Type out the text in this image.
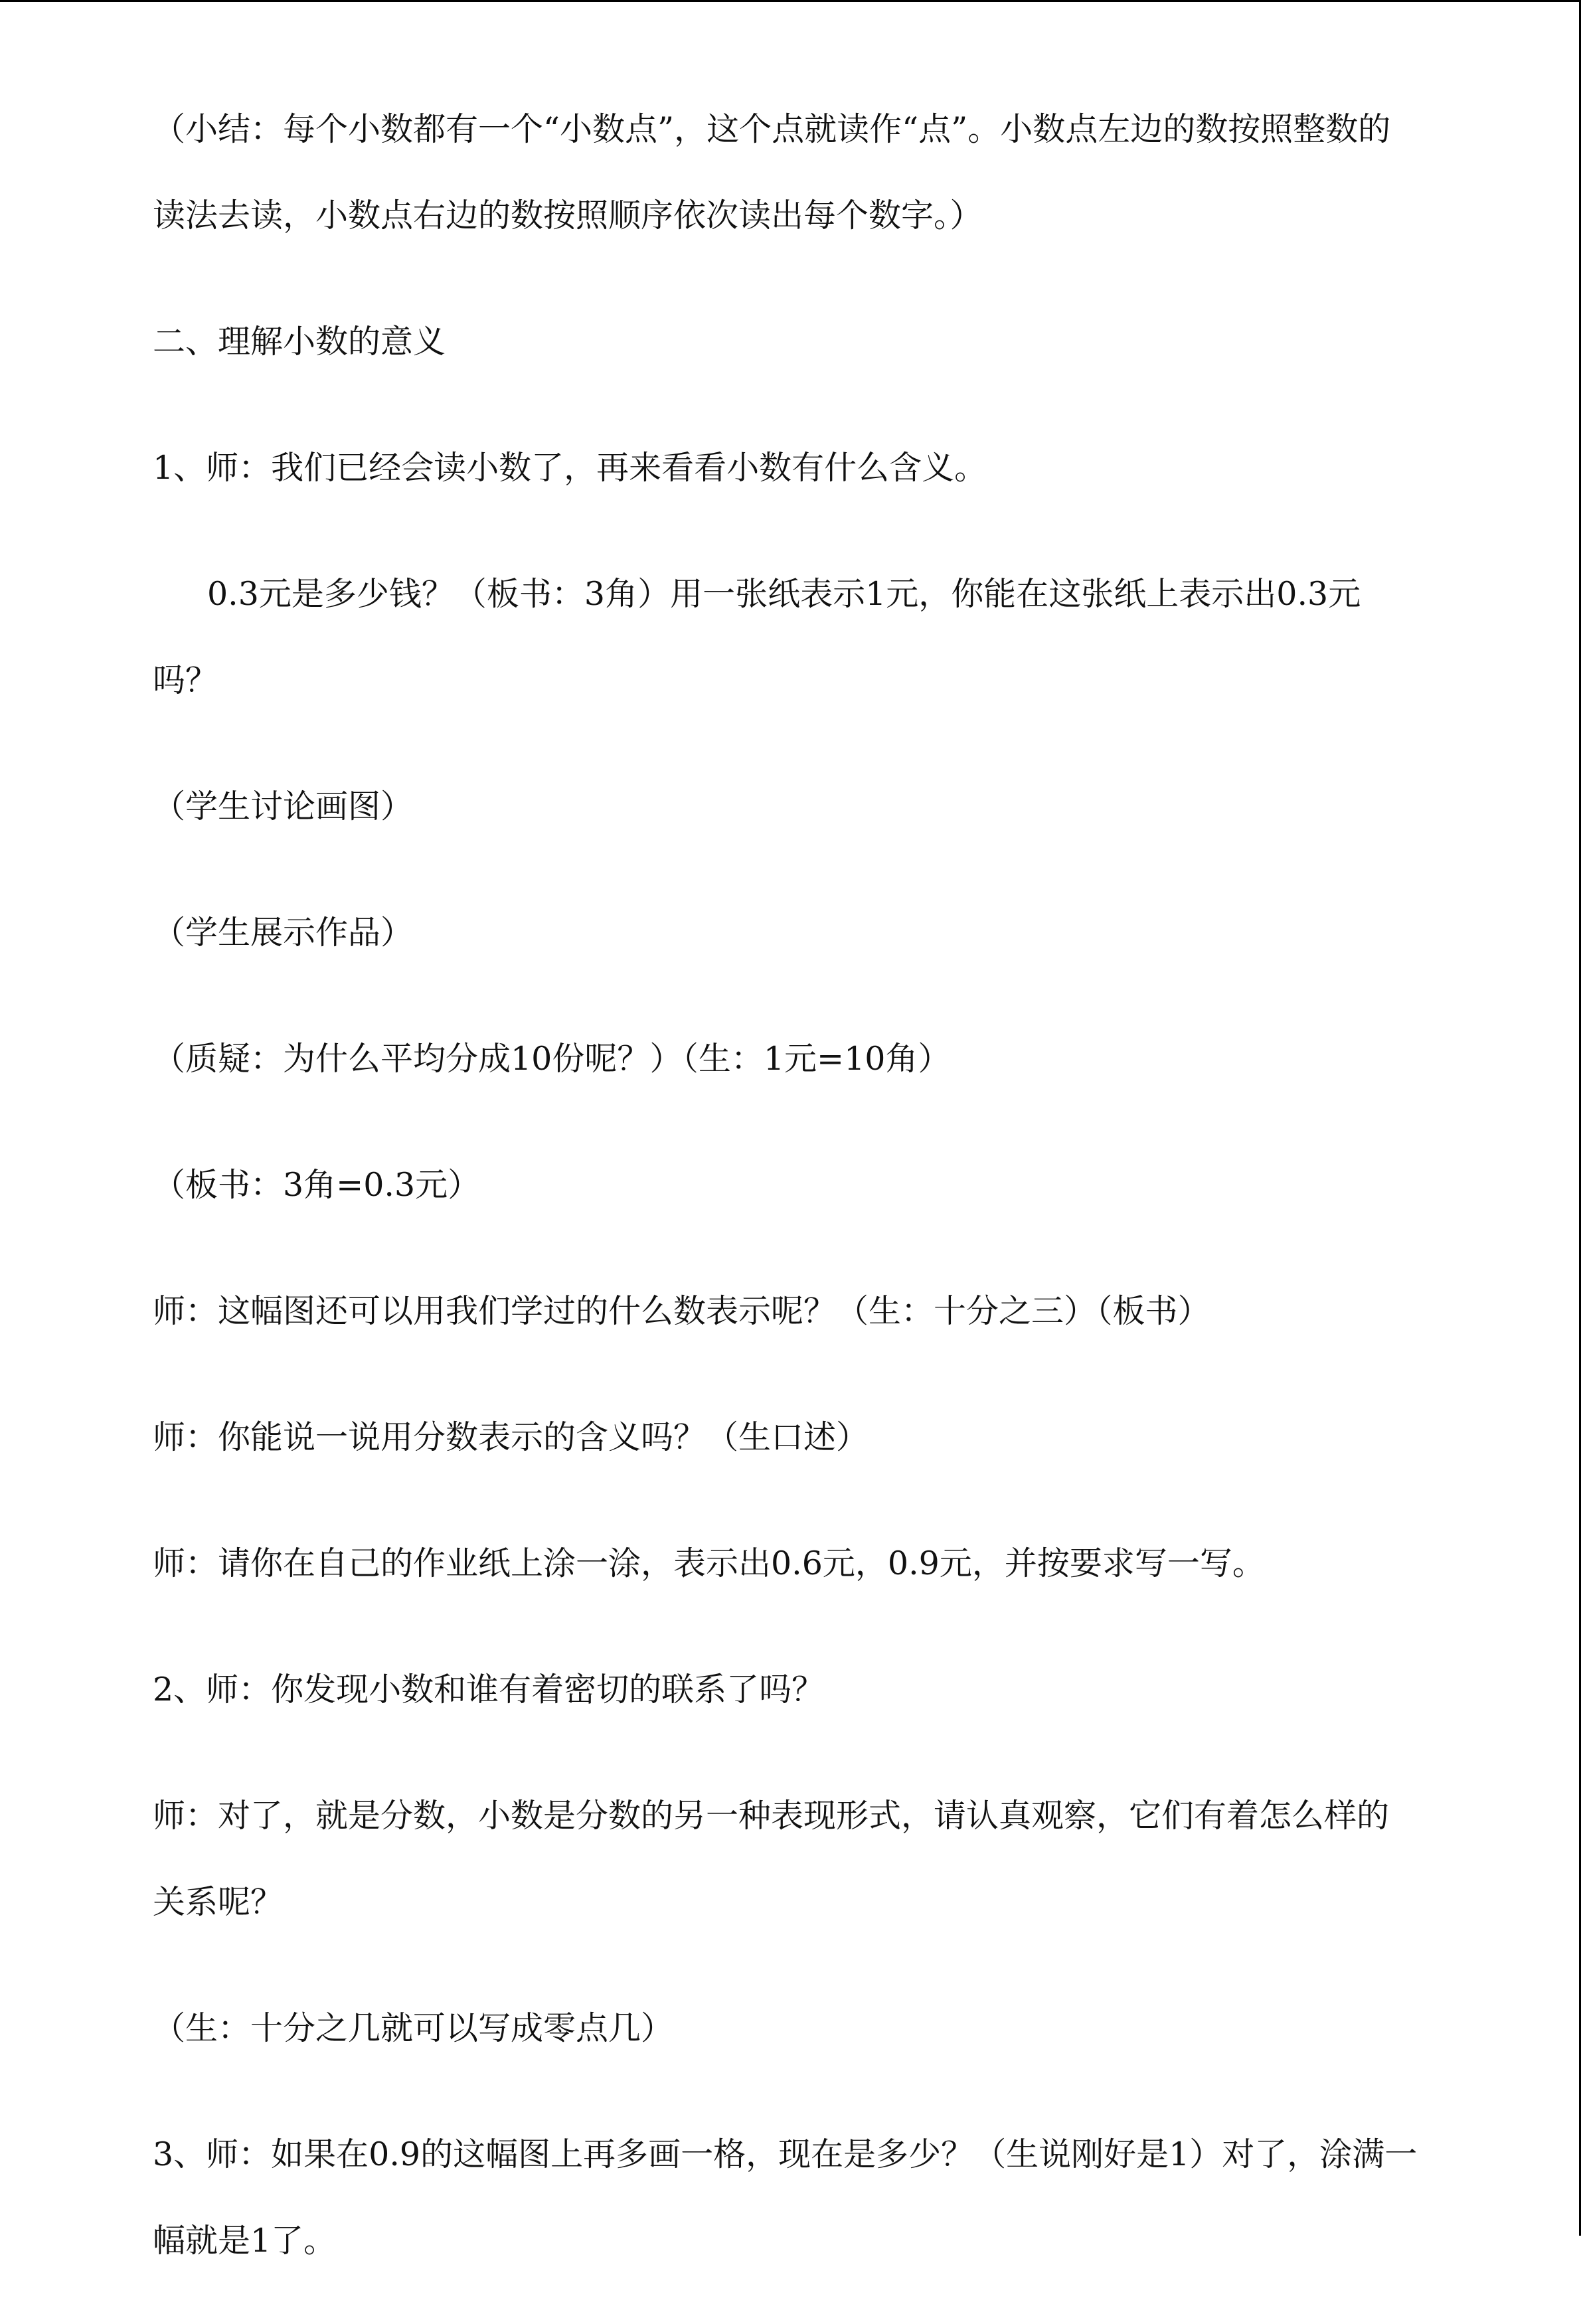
（小结：每个小数都有一个“小数点”，这个点就读作“点”。小数点左边的数按照整数的读法去读，小数点右边的数按照顺序依次读出每个数字。）

二、理解小数的意义

1、师：我们已经会读小数了，再来看看小数有什么含义。

0.3元是多少钱？（板书：3角）用一张纸表示1元，你能在这张纸上表示出0.3元吗？

（学生讨论画图）

（学生展示作品）

（质疑：为什么平均分成10份呢？）（生：1元=10角）

（板书：3角=0.3元）

师：这幅图还可以用我们学过的什么数表示呢？（生：十分之三）（板书）

师：你能说一说用分数表示的含义吗？（生口述）

师：请你在自己的作业纸上涂一涂，表示出0.6元，0.9元，并按要求写一写。

2、师：你发现小数和谁有着密切的联系了吗？

师：对了，就是分数，小数是分数的另一种表现形式，请认真观察，它们有着怎么样的关系呢？

（生：十分之几就可以写成零点几）

3、师：如果在0.9的这幅图上再多画一格，现在是多少？（生说刚好是1）对了，涂满一幅就是1了。
